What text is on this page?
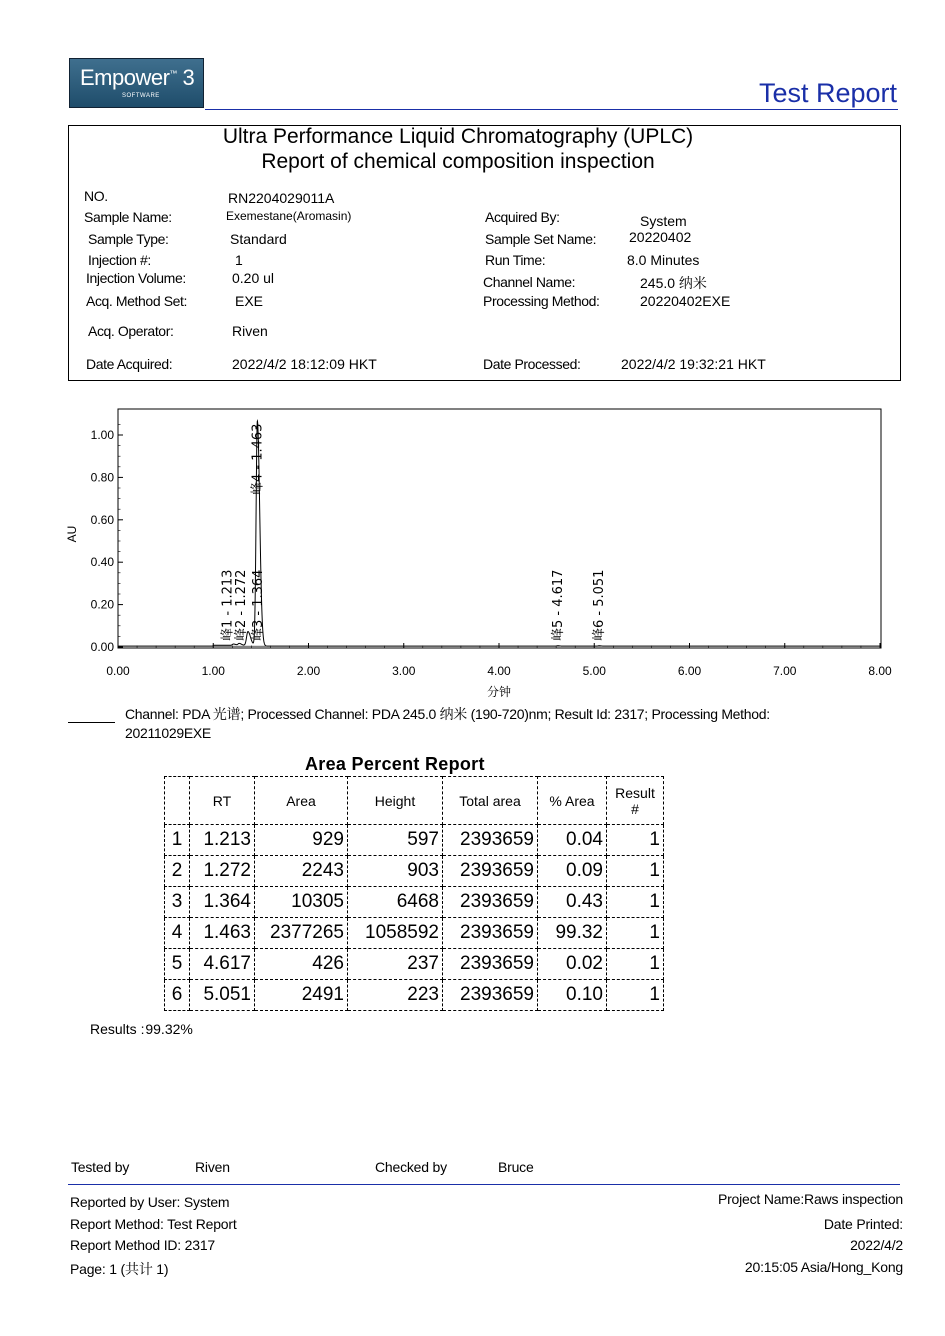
Empower™ 3
SOFTWARE	Test Report
Ultra Performance Liquid Chromatography (UPLC)
Report of chemical composition inspection
NO.	RN2204029011A
Sample Name:	Exemestane(Aromasin)
Sample Type:	Standard
Injection #:	1
Injection Volume:	0.20 ul
Acq. Method Set:	EXE
Acq. Operator:	Riven
Date Acquired:	2022/4/2 18:12:09 HKT
Acquired By:	System
Sample Set Name: 20220402
Run Time:	8.0 Minutes
Channel Name:	245.0 纳米
Processing Method:	20220402EXE
Date Processed:	2022/4/2 19:32:21 HKT
0.00	1.00	2.00	3.00	4.00	5.00	6.00	7.00	8.00
0.00
0.20
0.40
0.60
0.80
1.00
峰1 - 1.213
峰2 - 1.272 峰3 - 1.364
峰4 - 1.463
峰5 - 4.617 峰6 - 5.051
分钟
AU
Channel: PDA 光谱; Processed Channel: PDA 245.0 纳米 (190-720)nm; Result Id: 2317; Processing Method:
20211029EXE
Area Percent Report
	RT	Area	Height	Total area	% Area	Result #
1	1.213	929	597	2393659	0.04	1
2	1.272	2243	903	2393659	0.09	1
3	1.364	10305	6468	2393659	0.43	1
4	1.463	2377265	1058592	2393659	99.32	1
5	4.617	426	237	2393659	0.02	1
6	5.051	2491	223	2393659	0.10	1
Results : 99.32%
Tested by	Riven	Checked by	Bruce
Reported by User: System
Report Method: Test Report
Report Method ID: 2317
Page: 1 (共计 1)
Project Name:Raws inspection
Date Printed:
2022/4/2
20:15:05 Asia/Hong_Kong
